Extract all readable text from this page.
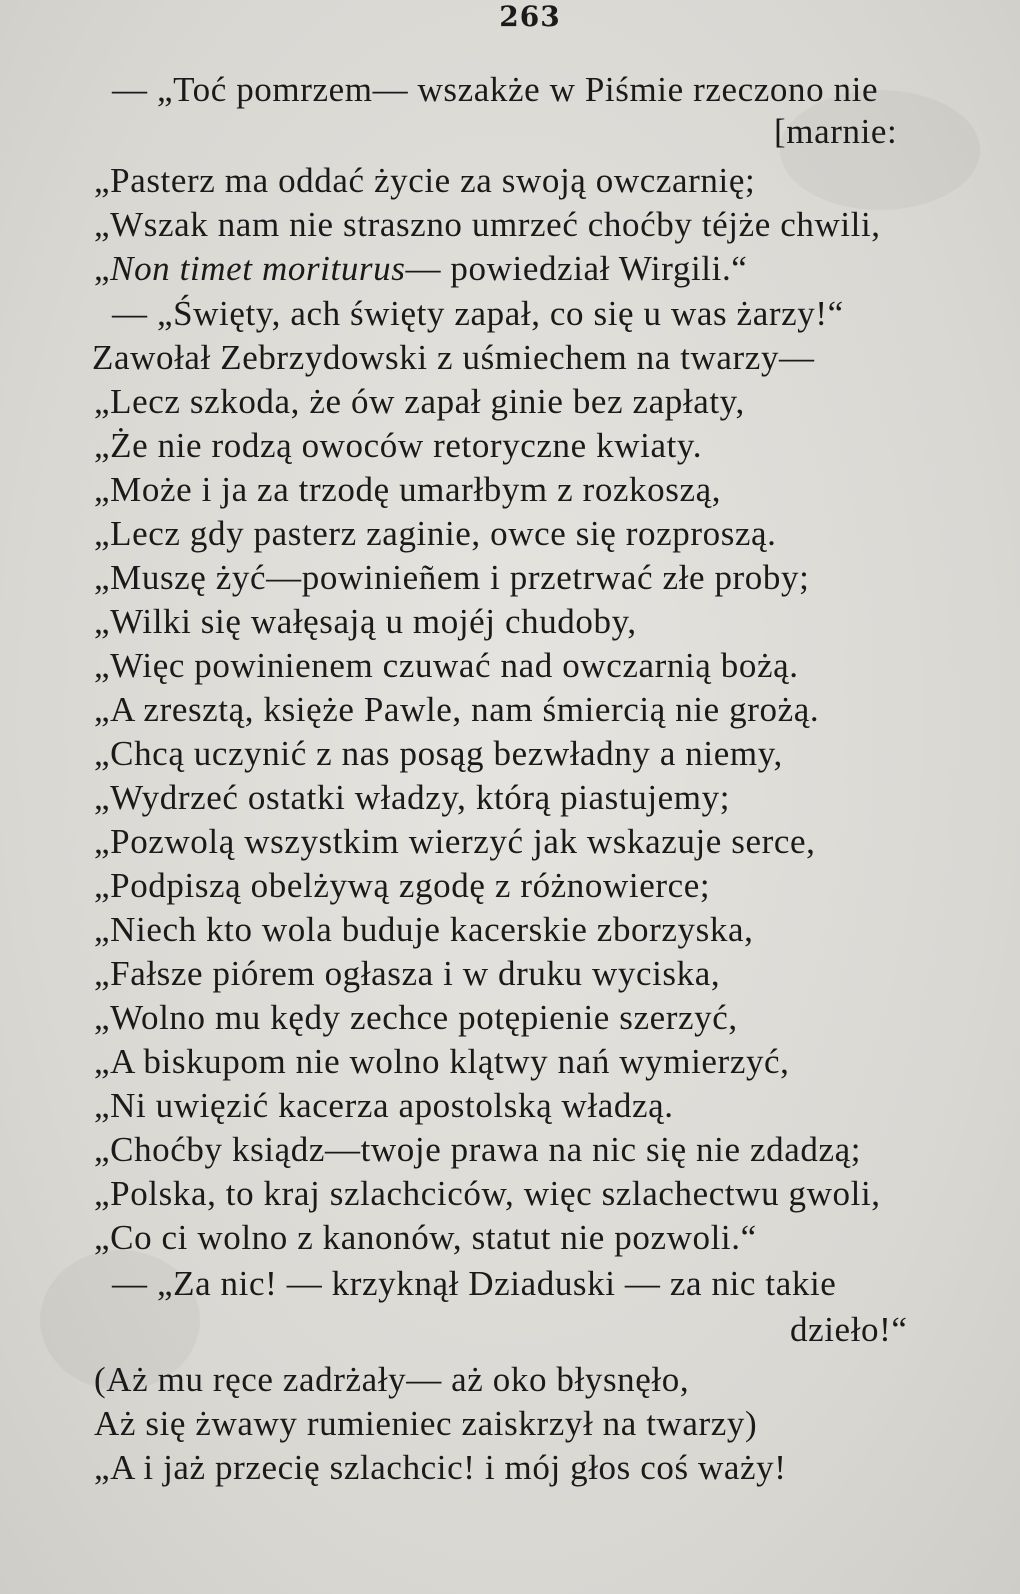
263
— „Toć pomrzem— wszakże w Piśmie rzeczono nie
[marnie:
„Pasterz ma oddać życie za swoją owczarnię;
„Wszak nam nie straszno umrzeć choćby téjże chwili,
„Non timet moriturus— powiedział Wirgili.“
— „Święty, ach święty zapał, co się u was żarzy!“
Zawołał Zebrzydowski z uśmiechem na twarzy—
„Lecz szkoda, że ów zapał ginie bez zapłaty,
„Że nie rodzą owoców retoryczne kwiaty.
„Może i ja za trzodę umarłbym z rozkoszą,
„Lecz gdy pasterz zaginie, owce się rozproszą.
„Muszę żyć—powinieñem i przetrwać złe proby;
„Wilki się wałęsają u mojéj chudoby,
„Więc powinienem czuwać nad owczarnią bożą.
„A zresztą, księże Pawle, nam śmiercią nie grożą.
„Chcą uczynić z nas posąg bezwładny a niemy,
„Wydrzeć ostatki władzy, którą piastujemy;
„Pozwolą wszystkim wierzyć jak wskazuje serce,
„Podpiszą obelżywą zgodę z różnowierce;
„Niech kto wola buduje kacerskie zborzyska,
„Fałsze piórem ogłasza i w druku wyciska,
„Wolno mu kędy zechce potępienie szerzyć,
„A biskupom nie wolno klątwy nań wymierzyć,
„Ni uwięzić kacerza apostolską władzą.
„Choćby ksiądz—twoje prawa na nic się nie zdadzą;
„Polska, to kraj szlachciców, więc szlachectwu gwoli,
„Co ci wolno z kanonów, statut nie pozwoli.“
— „Za nic! — krzyknął Dziaduski — za nic takie
dzieło!“
(Aż mu ręce zadrżały— aż oko błysnęło,
Aż się żwawy rumieniec zaiskrzył na twarzy)
„A i jaż przecię szlachcic! i mój głos coś waży!
